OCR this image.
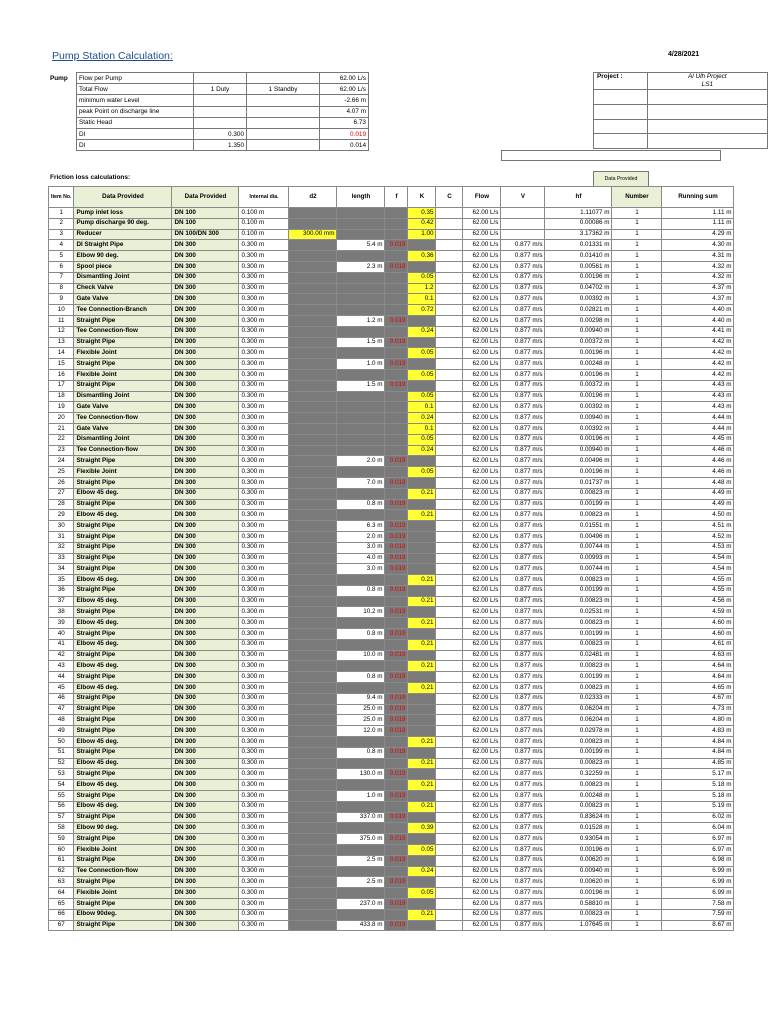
Pump Station Calculation:	4/28/2021
Pump	Flow per Pump			62.00 L/s
	Total Flow	1 Duty	1 Standby	62.00 L/s
	minimum water Level			-2.66 m
	peak Point on discharge line			4.07 m
	Static Head			6.73
	DI	0.300		0.019
	DI	1.350		0.014
Project :	Al Ulh Project
LS1

Friction loss calculations:	Data Provided
Item No.	Data Provided	Data Provided	Internal dia.	d2	length	f	K	C	Flow	V	hf	Number	Running sum
1	Pump inlet loss	DN 100	0.100 m				0.35		62.00 L/s		1.11077 m	1	1.11 m
2	Pump discharge 90 deg.	DN 100	0.100 m				0.42		62.00 L/s		0.00086 m	1	1.11 m
3	Reducer	DN 100/DN 300	0.100 m	300.00 mm			1.00		62.00 L/s		3.17362 m	1	4.29 m
4	DI Straight Pipe	DN 300	0.300 m		5.4 m	0.019			62.00 L/s	0.877 m/s	0.01331 m	1	4.30 m
5	Elbow 90 deg.	DN 300	0.300 m				0.36		62.00 L/s	0.877 m/s	0.01410 m	1	4.31 m
6	Spool piece	DN 300	0.300 m		2.3 m	0.019			62.00 L/s	0.877 m/s	0.00561 m	1	4.32 m
7	Dismantling Joint	DN 300	0.300 m				0.05		62.00 L/s	0.877 m/s	0.00196 m	1	4.32 m
8	Check Valve	DN 300	0.300 m				1.2		62.00 L/s	0.877 m/s	0.04702 m	1	4.37 m
9	Gate Valve	DN 300	0.300 m				0.1		62.00 L/s	0.877 m/s	0.00392 m	1	4.37 m
10	Tee Connection-Branch	DN 300	0.300 m				0.72		62.00 L/s	0.877 m/s	0.02821 m	1	4.40 m
11	Straight Pipe	DN 300	0.300 m		1.2 m	0.019			62.00 L/s	0.877 m/s	0.00298 m	1	4.40 m
12	Tee Connection-flow	DN 300	0.300 m				0.24		62.00 L/s	0.877 m/s	0.00940 m	1	4.41 m
13	Straight Pipe	DN 300	0.300 m		1.5 m	0.019			62.00 L/s	0.877 m/s	0.00372 m	1	4.42 m
14	Flexible Joint	DN 300	0.300 m				0.05		62.00 L/s	0.877 m/s	0.00196 m	1	4.42 m
15	Straight Pipe	DN 300	0.300 m		1.0 m	0.019			62.00 L/s	0.877 m/s	0.00248 m	1	4.42 m
16	Flexible Joint	DN 300	0.300 m				0.05		62.00 L/s	0.877 m/s	0.00196 m	1	4.42 m
17	Straight Pipe	DN 300	0.300 m		1.5 m	0.019			62.00 L/s	0.877 m/s	0.00372 m	1	4.43 m
18	Dismantling Joint	DN 300	0.300 m				0.05		62.00 L/s	0.877 m/s	0.00196 m	1	4.43 m
19	Gate Valve	DN 300	0.300 m				0.1		62.00 L/s	0.877 m/s	0.00392 m	1	4.43 m
20	Tee Connection-flow	DN 300	0.300 m				0.24		62.00 L/s	0.877 m/s	0.00940 m	1	4.44 m
21	Gate Valve	DN 300	0.300 m				0.1		62.00 L/s	0.877 m/s	0.00392 m	1	4.44 m
22	Dismantling Joint	DN 300	0.300 m				0.05		62.00 L/s	0.877 m/s	0.00196 m	1	4.45 m
23	Tee Connection-flow	DN 300	0.300 m				0.24		62.00 L/s	0.877 m/s	0.00940 m	1	4.46 m
24	Straight Pipe	DN 300	0.300 m		2.0 m	0.019			62.00 L/s	0.877 m/s	0.00496 m	1	4.46 m
25	Flexible Joint	DN 300	0.300 m				0.05		62.00 L/s	0.877 m/s	0.00196 m	1	4.46 m
26	Straight Pipe	DN 300	0.300 m		7.0 m	0.019			62.00 L/s	0.877 m/s	0.01737 m	1	4.48 m
27	Elbow 45 deg.	DN 300	0.300 m				0.21		62.00 L/s	0.877 m/s	0.00823 m	1	4.49 m
28	Straight Pipe	DN 300	0.300 m		0.8 m	0.019			62.00 L/s	0.877 m/s	0.00199 m	1	4.49 m
29	Elbow 45 deg.	DN 300	0.300 m				0.21		62.00 L/s	0.877 m/s	0.00823 m	1	4.50 m
30	Straight Pipe	DN 300	0.300 m		6.3 m	0.019			62.00 L/s	0.877 m/s	0.01551 m	1	4.51 m
31	Straight Pipe	DN 300	0.300 m		2.0 m	0.019			62.00 L/s	0.877 m/s	0.00496 m	1	4.52 m
32	Straight Pipe	DN 300	0.300 m		3.0 m	0.019			62.00 L/s	0.877 m/s	0.00744 m	1	4.53 m
33	Straight Pipe	DN 300	0.300 m		4.0 m	0.019			62.00 L/s	0.877 m/s	0.00993 m	1	4.54 m
34	Straight Pipe	DN 300	0.300 m		3.0 m	0.019			62.00 L/s	0.877 m/s	0.00744 m	1	4.54 m
35	Elbow 45 deg.	DN 300	0.300 m				0.21		62.00 L/s	0.877 m/s	0.00823 m	1	4.55 m
36	Straight Pipe	DN 300	0.300 m		0.8 m	0.019			62.00 L/s	0.877 m/s	0.00199 m	1	4.55 m
37	Elbow 45 deg.	DN 300	0.300 m				0.21		62.00 L/s	0.877 m/s	0.00823 m	1	4.56 m
38	Straight Pipe	DN 300	0.300 m		10.2 m	0.019			62.00 L/s	0.877 m/s	0.02531 m	1	4.59 m
39	Elbow 45 deg.	DN 300	0.300 m				0.21		62.00 L/s	0.877 m/s	0.00823 m	1	4.60 m
40	Straight Pipe	DN 300	0.300 m		0.8 m	0.019			62.00 L/s	0.877 m/s	0.00199 m	1	4.60 m
41	Elbow 45 deg.	DN 300	0.300 m				0.21		62.00 L/s	0.877 m/s	0.00823 m	1	4.61 m
42	Straight Pipe	DN 300	0.300 m		10.0 m	0.019			62.00 L/s	0.877 m/s	0.02481 m	1	4.63 m
43	Elbow 45 deg.	DN 300	0.300 m				0.21		62.00 L/s	0.877 m/s	0.00823 m	1	4.64 m
44	Straight Pipe	DN 300	0.300 m		0.8 m	0.019			62.00 L/s	0.877 m/s	0.00199 m	1	4.64 m
45	Elbow 45 deg.	DN 300	0.300 m				0.21		62.00 L/s	0.877 m/s	0.00823 m	1	4.65 m
46	Straight Pipe	DN 300	0.300 m		9.4 m	0.019			62.00 L/s	0.877 m/s	0.02333 m	1	4.67 m
47	Straight Pipe	DN 300	0.300 m		25.0 m	0.019			62.00 L/s	0.877 m/s	0.06204 m	1	4.73 m
48	Straight Pipe	DN 300	0.300 m		25.0 m	0.019			62.00 L/s	0.877 m/s	0.06204 m	1	4.80 m
49	Straight Pipe	DN 300	0.300 m		12.0 m	0.019			62.00 L/s	0.877 m/s	0.02978 m	1	4.83 m
50	Elbow 45 deg.	DN 300	0.300 m				0.21		62.00 L/s	0.877 m/s	0.00823 m	1	4.84 m
51	Straight Pipe	DN 300	0.300 m		0.8 m	0.019			62.00 L/s	0.877 m/s	0.00199 m	1	4.84 m
52	Elbow 45 deg.	DN 300	0.300 m				0.21		62.00 L/s	0.877 m/s	0.00823 m	1	4.85 m
53	Straight Pipe	DN 300	0.300 m		130.0 m	0.019			62.00 L/s	0.877 m/s	0.32259 m	1	5.17 m
54	Elbow 45 deg.	DN 300	0.300 m				0.21		62.00 L/s	0.877 m/s	0.00823 m	1	5.18 m
55	Straight Pipe	DN 300	0.300 m		1.0 m	0.019			62.00 L/s	0.877 m/s	0.00248 m	1	5.18 m
56	Elbow 45 deg.	DN 300	0.300 m				0.21		62.00 L/s	0.877 m/s	0.00823 m	1	5.19 m
57	Straight Pipe	DN 300	0.300 m		337.0 m	0.019			62.00 L/s	0.877 m/s	0.83624 m	1	6.02 m
58	Elbow 90 deg.	DN 300	0.300 m				0.39		62.00 L/s	0.877 m/s	0.01528 m	1	6.04 m
59	Straight Pipe	DN 300	0.300 m		375.0 m	0.019			62.00 L/s	0.877 m/s	0.93054 m	1	6.97 m
60	Flexible Joint	DN 300	0.300 m				0.05		62.00 L/s	0.877 m/s	0.00196 m	1	6.97 m
61	Straight Pipe	DN 300	0.300 m		2.5 m	0.019			62.00 L/s	0.877 m/s	0.00620 m	1	6.98 m
62	Tee Connection-flow	DN 300	0.300 m				0.24		62.00 L/s	0.877 m/s	0.00940 m	1	6.99 m
63	Straight Pipe	DN 300	0.300 m		2.5 m	0.019			62.00 L/s	0.877 m/s	0.00620 m	1	6.99 m
64	Flexible Joint	DN 300	0.300 m				0.05		62.00 L/s	0.877 m/s	0.00196 m	1	6.99 m
65	Straight Pipe	DN 300	0.300 m		237.0 m	0.019			62.00 L/s	0.877 m/s	0.58810 m	1	7.58 m
66	Elbow 90deg.	DN 300	0.300 m				0.21		62.00 L/s	0.877 m/s	0.00823 m	1	7.59 m
67	Straight Pipe	DN 300	0.300 m		433.8 m	0.019			62.00 L/s	0.877 m/s	1.07645 m	1	8.67 m
